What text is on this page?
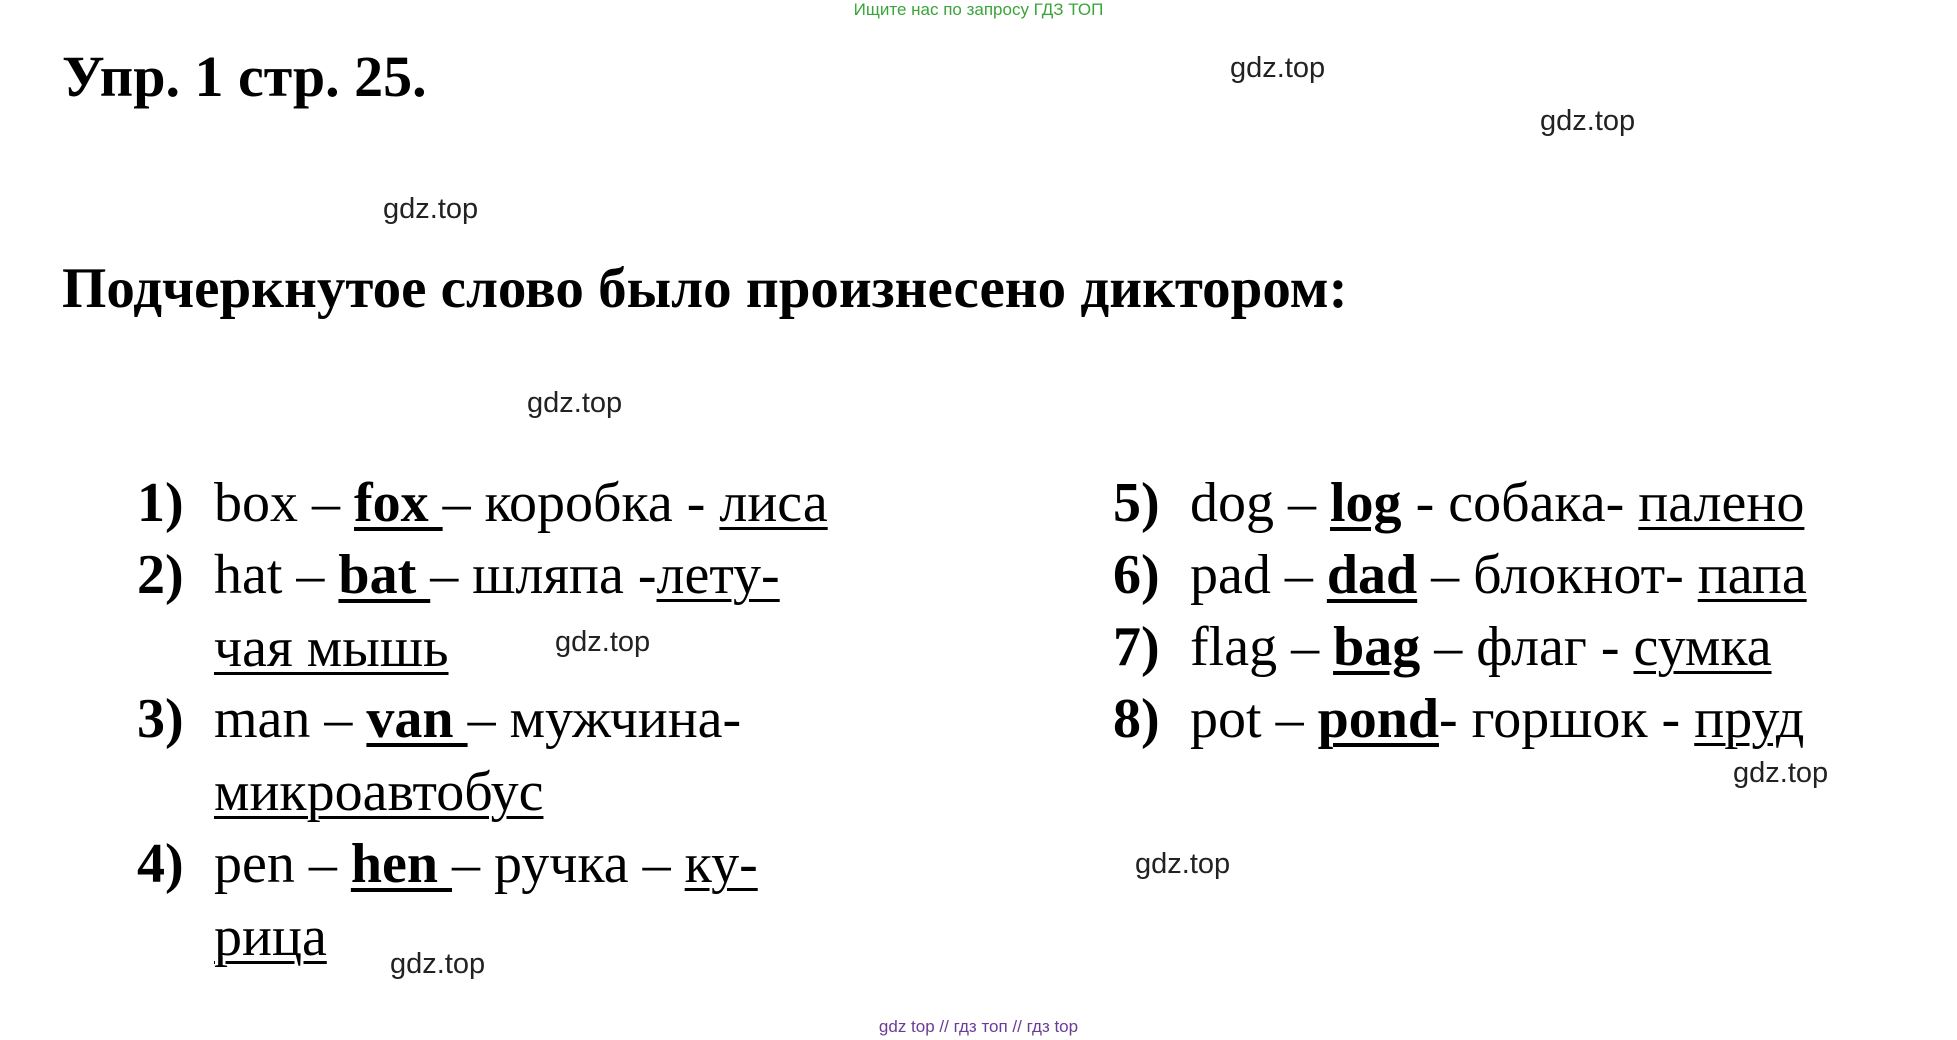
Ищите нас по запросу ГДЗ ТОП
Упр. 1 стр. 25.	gdz.top
gdz.top
gdz.top
Подчеркнутое слово было произнесено диктором:
gdz.top
1) box – fox – коробка - лиса
2) hat – bat – шляпа -лету-
чая мышь	gdz.top
3) man – van – мужчина-
микроавтобус
4) pen – hen – ручка – ку-
рица	gdz.top
5) dog – log - собака- палено
6) pad – dad – блокнот- папа
7) flag – bag – флаг - сумка
8) pot – pond- горшок - пруд
gdz.top
gdz.top
gdz top // гдз топ // гдз top
